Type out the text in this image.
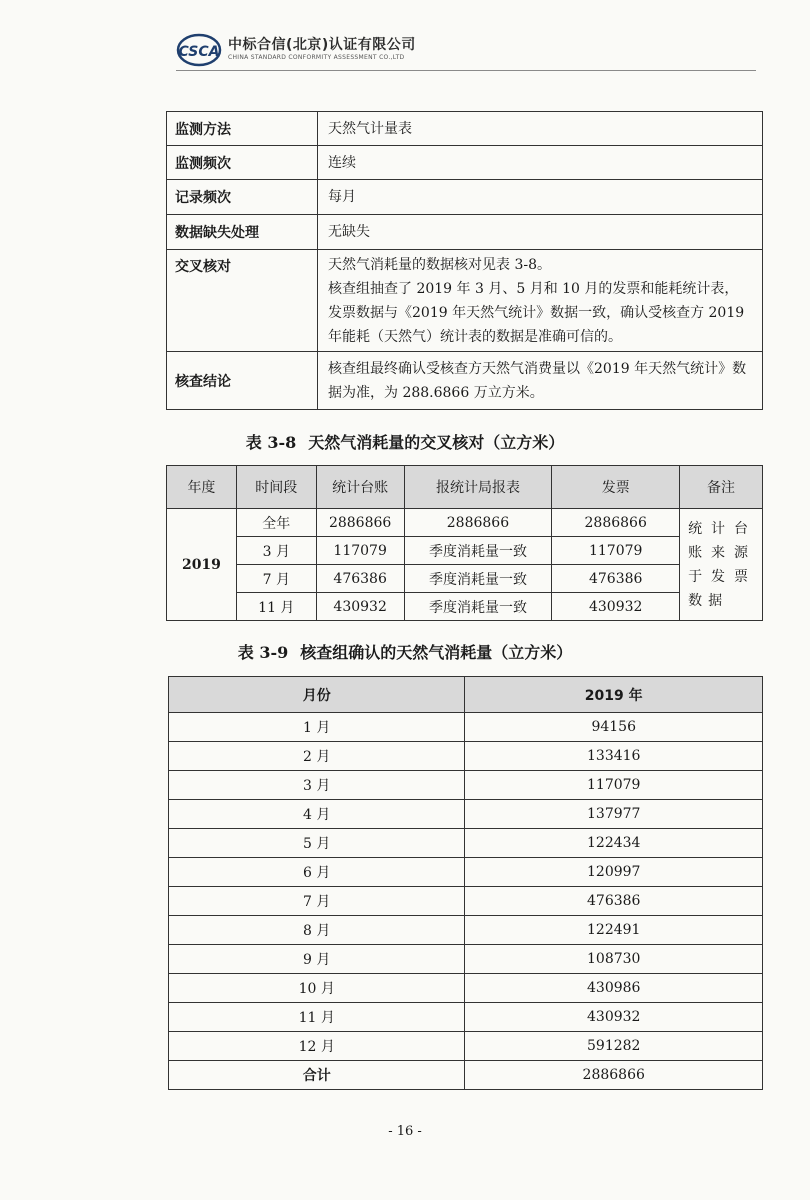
CSCA 中标合信(北京)认证有限公司
CHINA STANDARD CONFORMITY ASSESSMENT CO.,LTD
监测方法	天然气计量表
监测频次	连续
记录频次	每月
数据缺失处理	无缺失
交叉核对	天然气消耗量的数据核对见表 3-8。
核查组抽查了 2019 年 3 月、5 月和 10 月的发票和能耗统计表，发票数据与《2019 年天然气统计》数据一致，确认受核查方 2019 年能耗（天然气）统计表的数据是准确可信的。

核查结论	核查组最终确认受核查方天然气消费量以《2019 年天然气统计》数据为准，为 288.6866 万立方米。
表 3-8 天然气消耗量的交叉核对（立方米）
年度	时间段	统计台账	报统计局报表	发票	备注
2019	全年	2886866	2886866	2886866	统计台账来源于发票数据
	3 月	117079	季度消耗量一致	117079	
	7 月	476386	季度消耗量一致	476386	
	11 月	430932	季度消耗量一致	430932	
表 3-9 核查组确认的天然气消耗量（立方米）
月份	2019 年
1 月	94156
2 月	133416
3 月	117079
4 月	137977
5 月	122434
6 月	120997
7 月	476386
8 月	122491
9 月	108730
10 月	430986
11 月	430932
12 月	591282
合计	2886866
- 16 -
